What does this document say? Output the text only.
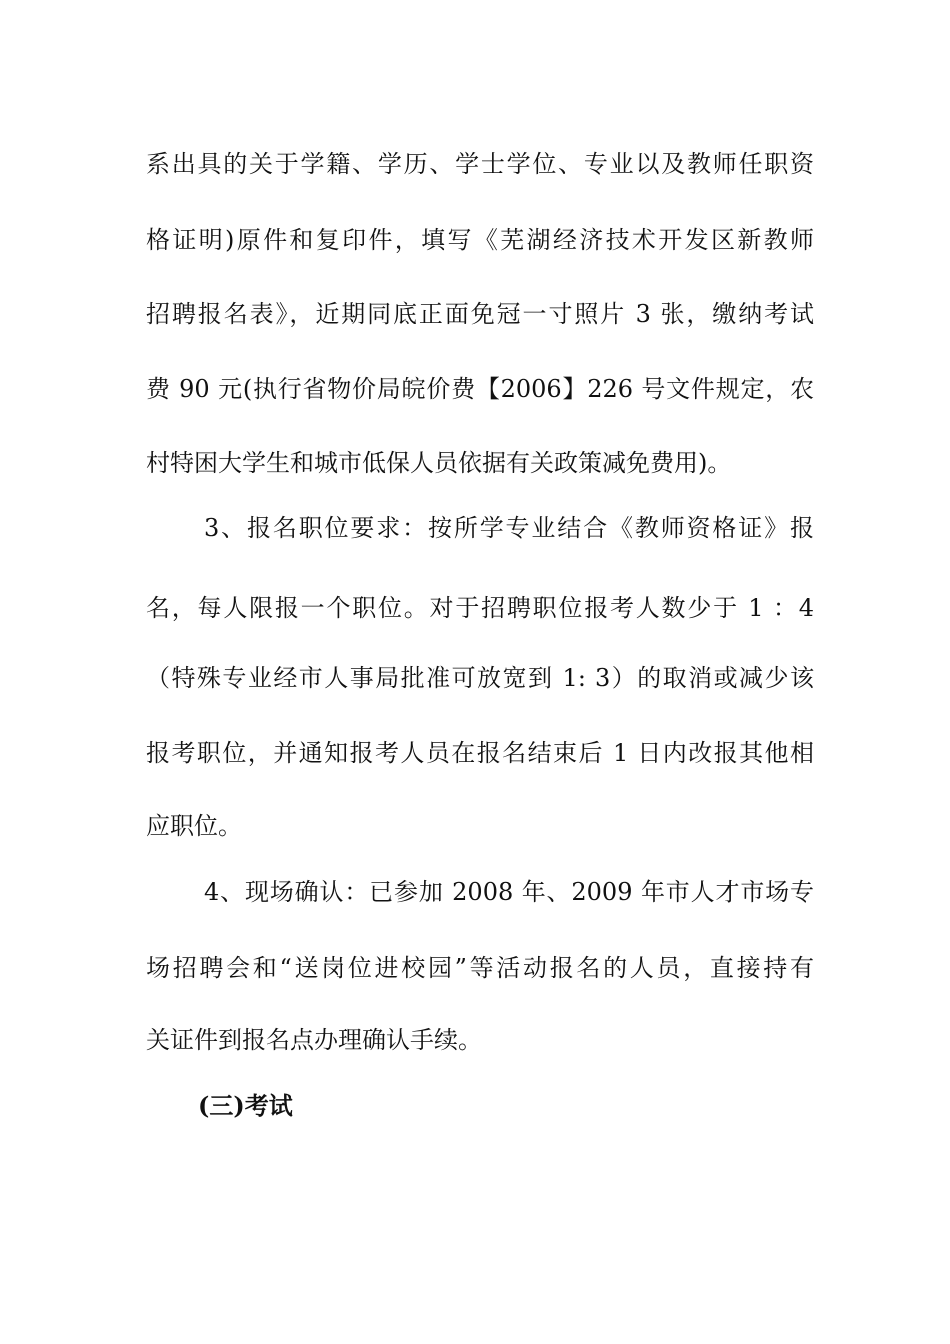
系出具的关于学籍、学历、学士学位、专业以及教师任职资
格证明)原件和复印件，填写《芜湖经济技术开发区新教师
招聘报名表》，近期同底正面免冠一寸照片 3 张，缴纳考试
费 90 元(执行省物价局皖价费【2006】226 号文件规定，农
村特困大学生和城市低保人员依据有关政策减免费用)。
3、报名职位要求：按所学专业结合《教师资格证》报
名，每人限报一个职位。对于招聘职位报考人数少于 1 ：4
（特殊专业经市人事局批准可放宽到 1: 3）的取消或减少该
报考职位，并通知报考人员在报名结束后 1 日内改报其他相
应职位。
4、现场确认：已参加 2008 年、2009 年市人才市场专
场招聘会和“送岗位进校园”等活动报名的人员，直接持有
关证件到报名点办理确认手续。
(三)考试
